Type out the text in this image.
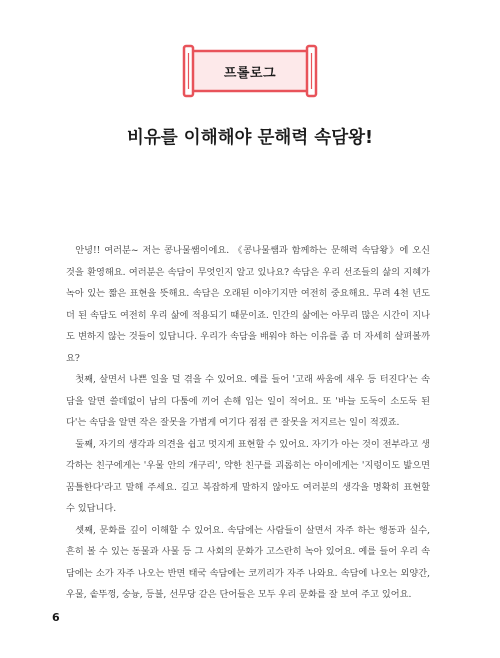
프롤로그
비유를 이해해야 문해력 속담왕!

안녕!! 여러분~ 저는 콩나물쌤이에요. 《콩나물쌤과 함께하는 문해력 속담왕》에 오신 것을 환영해요. 여러분은 속담이 무엇인지 알고 있나요? 속담은 우리 선조들의 삶의 지혜가 녹아 있는 짧은 표현을 뜻해요. 속담은 오래된 이야기지만 여전히 중요해요. 무려 4천 년도 더 된 속담도 여전히 우리 삶에 적용되기 때문이죠. 인간의 삶에는 아무리 많은 시간이 지나도 변하지 않는 것들이 있답니다. 우리가 속담을 배워야 하는 이유를 좀 더 자세히 살펴볼까요?

첫째, 살면서 나쁜 일을 덜 겪을 수 있어요. 예를 들어 '고래 싸움에 새우 등 터진다'는 속담을 알면 쓸데없이 남의 다툼에 끼어 손해 입는 일이 적어요. 또 '바늘 도둑이 소도둑 된다'는 속담을 알면 작은 잘못을 가볍게 여기다 점점 큰 잘못을 저지르는 일이 적겠죠.

둘째, 자기의 생각과 의견을 쉽고 멋지게 표현할 수 있어요. 자기가 아는 것이 전부라고 생각하는 친구에게는 '우물 안의 개구리', 약한 친구를 괴롭히는 아이에게는 '지렁이도 밟으면 꿈틀한다'라고 말해 주세요. 길고 복잡하게 말하지 않아도 여러분의 생각을 명확히 표현할 수 있답니다.

셋째, 문화를 깊이 이해할 수 있어요. 속담에는 사람들이 살면서 자주 하는 행동과 실수, 흔히 볼 수 있는 동물과 사물 등 그 사회의 문화가 고스란히 녹아 있어요. 예를 들어 우리 속담에는 소가 자주 나오는 반면 태국 속담에는 코끼리가 자주 나와요. 속담에 나오는 외양간, 우물, 솥뚜껑, 숭늉, 등불, 선무당 같은 단어들은 모두 우리 문화를 잘 보여 주고 있어요.

6
